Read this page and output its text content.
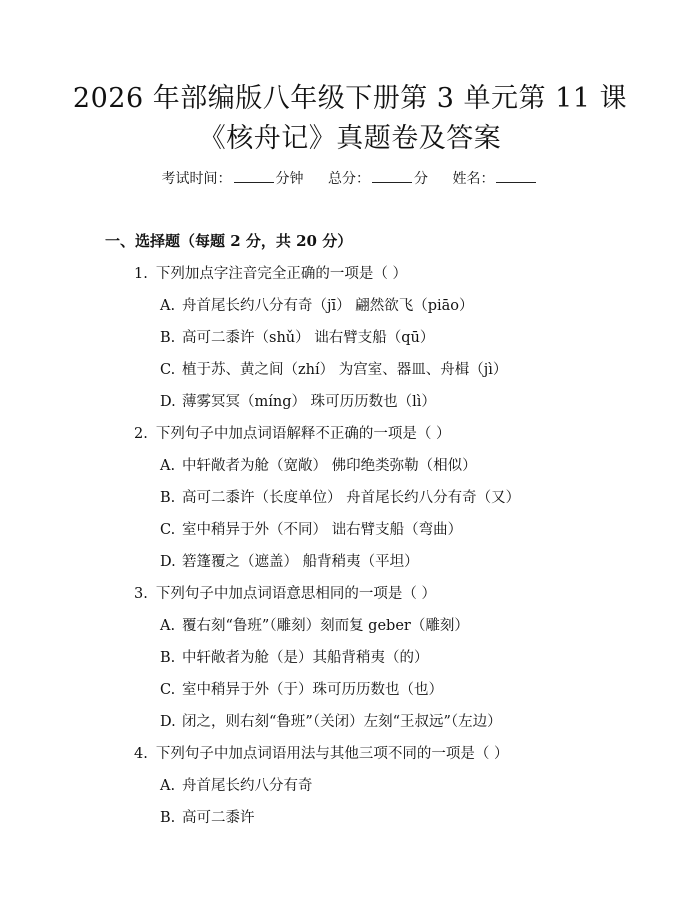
2026 年部编版八年级下册第 3 单元第 11 课
《核舟记》真题卷及答案
考试时间：	分钟 总分：	分 姓名：
一、选择题（每题 2 分，共 20 分）
1. 下列加点字注音完全正确的一项是（ ）
A. 舟首尾长约八分有奇（jī） 翩然欲飞（piāo）
B. 高可二黍许（shǔ） 诎右臂支船（qū）
C. 植于苏、黄之间（zhí） 为宫室、器皿、舟楫（jì）
D. 薄雾冥冥（míng） 珠可历历数也（lì）
2. 下列句子中加点词语解释不正确的一项是（ ）
A. 中轩敞者为舱（宽敞） 佛印绝类弥勒（相似）
B. 高可二黍许（长度单位） 舟首尾长约八分有奇（又）
C. 室中稍异于外（不同） 诎右臂支船（弯曲）
D. 箬篷覆之（遮盖） 船背稍夷（平坦）
3. 下列句子中加点词语意思相同的一项是（ ）
A. 覆右刻“鲁班”（雕刻）刻而复 geber（雕刻）
B. 中轩敞者为舱（是）其船背稍夷（的）
C. 室中稍异于外（于）珠可历历数也（也）
D. 闭之，则右刻“鲁班”（关闭）左刻“王叔远”（左边）
4. 下列句子中加点词语用法与其他三项不同的一项是（ ）
A. 舟首尾长约八分有奇
B. 高可二黍许
